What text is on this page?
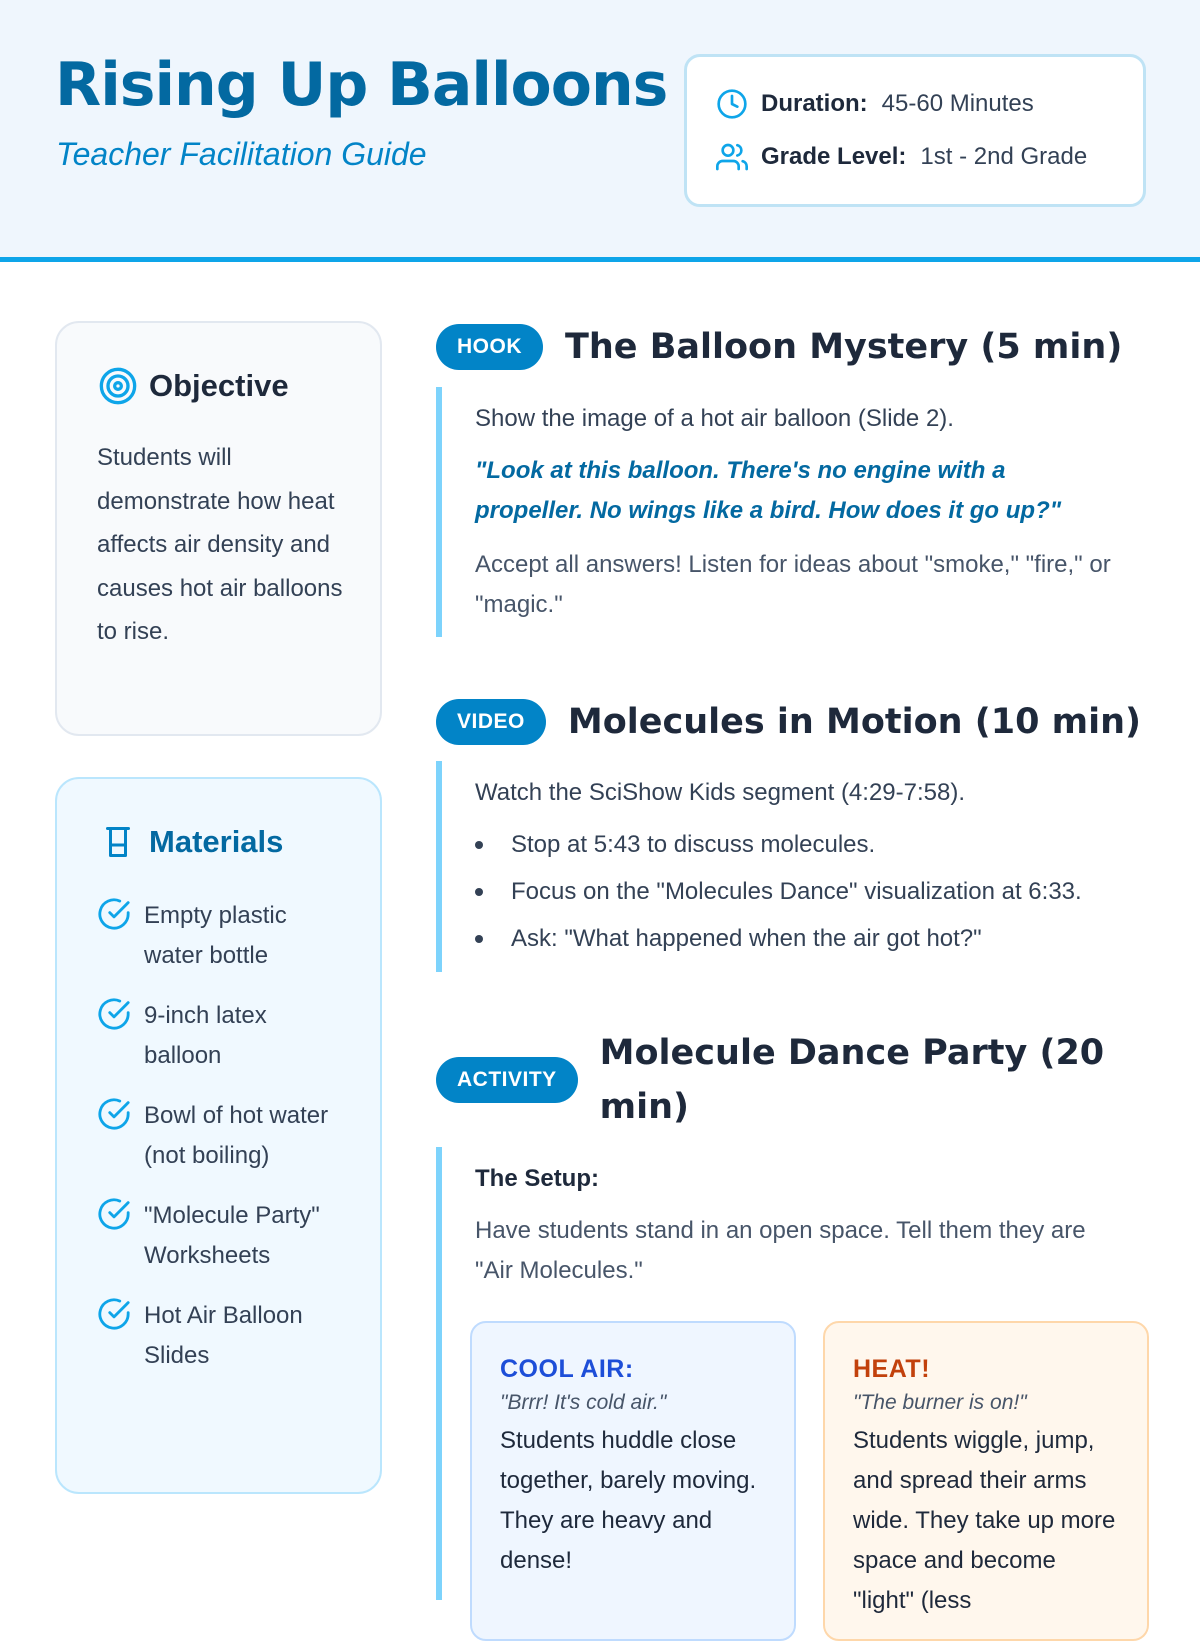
Rising Up Balloons
Teacher Facilitation Guide
Duration: 45-60 Minutes
Grade Level: 1st - 2nd Grade
Objective
Students will demonstrate how heat affects air density and causes hot air balloons to rise.
Materials
Empty plastic water bottle
9-inch latex balloon
Bowl of hot water (not boiling)
"Molecule Party" Worksheets
Hot Air Balloon Slides
HOOK	The Balloon Mystery (5 min)
Show the image of a hot air balloon (Slide 2).
"Look at this balloon. There's no engine with a propeller. No wings like a bird. How does it go up?"
Accept all answers! Listen for ideas about "smoke," "fire," or "magic."
VIDEO	Molecules in Motion (10 min)
Watch the SciShow Kids segment (4:29-7:58).
Stop at 5:43 to discuss molecules.
Focus on the "Molecules Dance" visualization at 6:33.
Ask: "What happened when the air got hot?"
ACTIVITY
Molecule Dance Party (20 min)
The Setup:
Have students stand in an open space. Tell them they are "Air Molecules."
COOL AIR:
"Brrr! It's cold air."
Students huddle close together, barely moving. They are heavy and dense!
HEAT!
"The burner is on!"
Students wiggle, jump, and spread their arms wide. They take up more space and become "light" (less
